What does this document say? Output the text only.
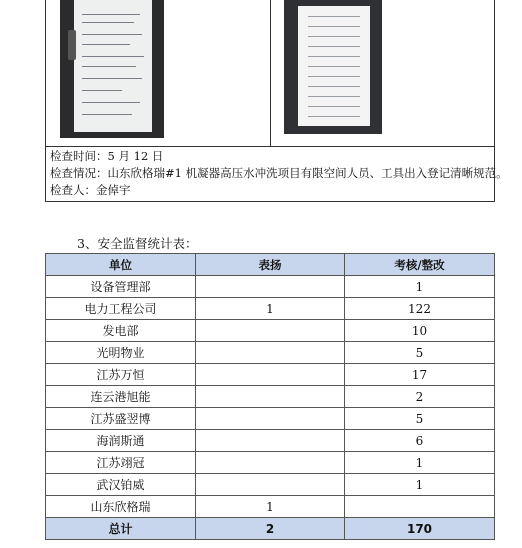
检查时间：5 月 12 日
检查情况：山东欣格瑞#1 机凝器高压水冲洗项目有限空间人员、工具出入登记清晰规范。
检查人：金倬宇
3、安全监督统计表：
单位	表扬	考核/整改
设备管理部		1
电力工程公司	1	122
发电部		10
光明物业		5
江苏万恒		17
连云港旭能		2
江苏盛翌博		5
海润斯通		6
江苏翊冠		1
武汉铂威		1
山东欣格瑞	1	
总计	2	170
